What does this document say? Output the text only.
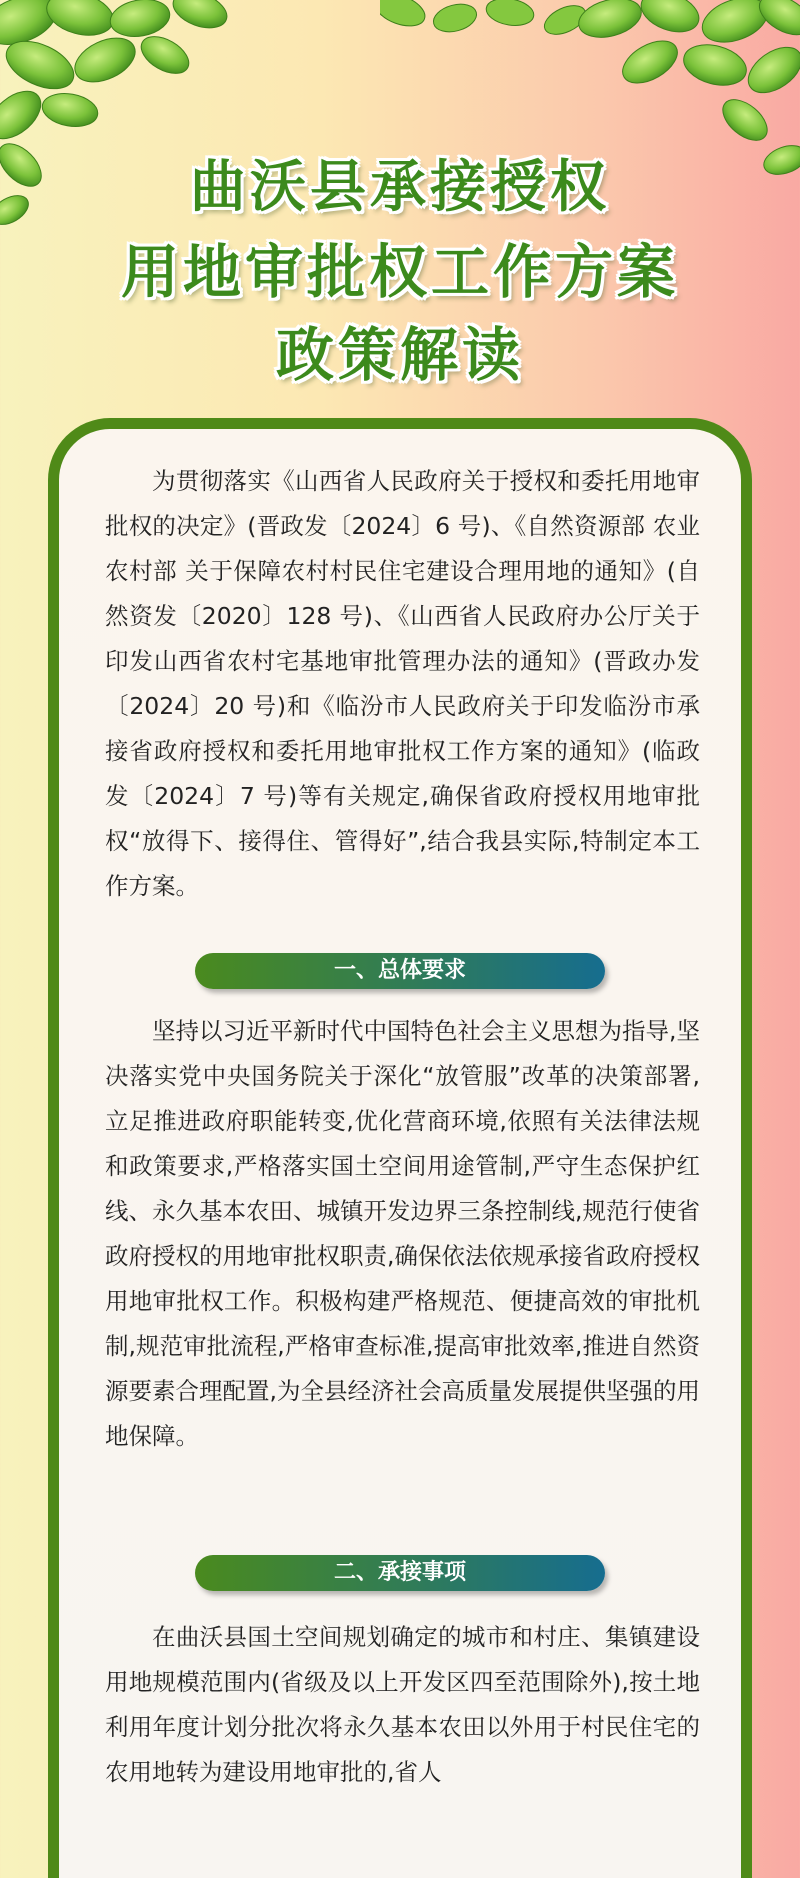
曲沃县承接授权
用地审批权工作方案
政策解读

为贯彻落实《山西省人民政府关于授权和委托用地审批权的决定》(晋政发〔2024〕6 号)、《自然资源部 农业农村部 关于保障农村村民住宅建设合理用地的通知》(自然资发〔2020〕128 号)、《山西省人民政府办公厅关于印发山西省农村宅基地审批管理办法的通知》(晋政办发〔2024〕20 号)和《临汾市人民政府关于印发临汾市承接省政府授权和委托用地审批权工作方案的通知》(临政发〔2024〕7 号)等有关规定,确保省政府授权用地审批权“放得下、接得住、管得好”,结合我县实际,特制定本工作方案。

一、总体要求

坚持以习近平新时代中国特色社会主义思想为指导,坚决落实党中央国务院关于深化“放管服”改革的决策部署,立足推进政府职能转变,优化营商环境,依照有关法律法规和政策要求,严格落实国土空间用途管制,严守生态保护红线、永久基本农田、城镇开发边界三条控制线,规范行使省政府授权的用地审批权职责,确保依法依规承接省政府授权用地审批权工作。积极构建严格规范、便捷高效的审批机制,规范审批流程,严格审查标准,提高审批效率,推进自然资源要素合理配置,为全县经济社会高质量发展提供坚强的用地保障。

二、承接事项

在曲沃县国土空间规划确定的城市和村庄、集镇建设用地规模范围内(省级及以上开发区四至范围除外),按土地利用年度计划分批次将永久基本农田以外用于村民住宅的农用地转为建设用地审批的,省人
